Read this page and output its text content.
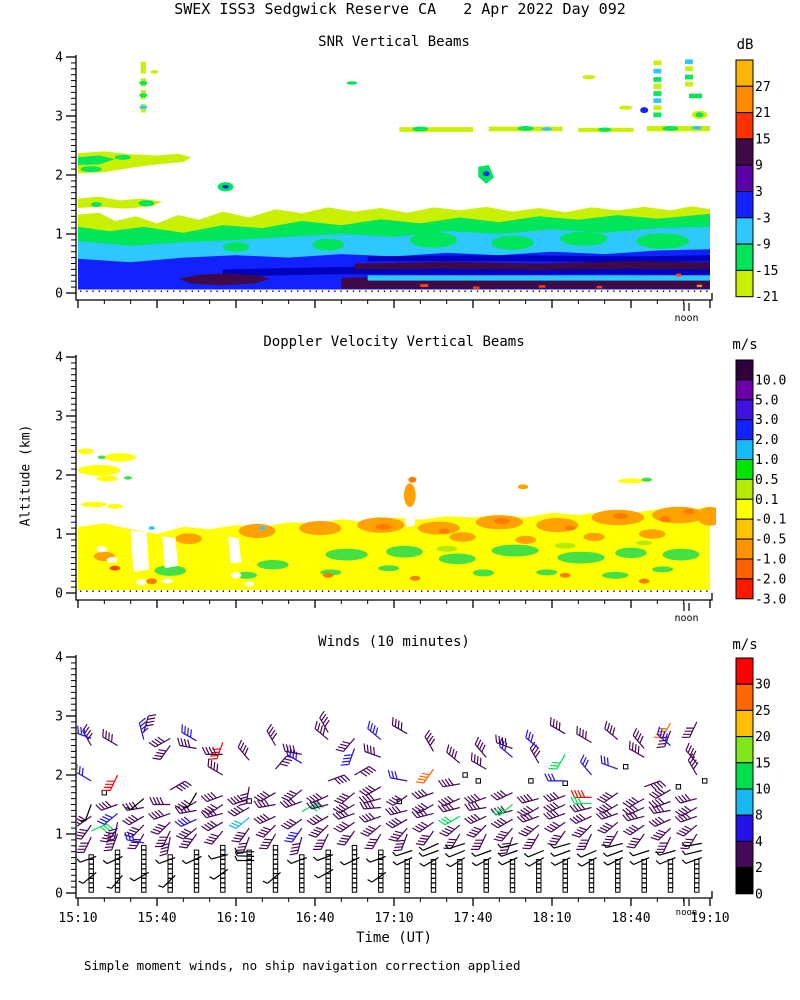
0
1
2
3
4
noon
0
1
2
3
4
noon
0
1
2
3
4
noon
15:10	15:40	16:10	16:40	17:10	17:40	18:10	18:40	19:10
27
21
15
9
3
-3
-9
-15
-21
10.0
5.0
3.0
2.0
1.0
0.5
0.1
-0.1
-0.5
-1.0
-2.0
-3.0
30
25
20
15
10
8
4
2
0
SWEX ISS3 Sedgwick Reserve CA   2 Apr 2022 Day 092
SNR Vertical Beams
Doppler Velocity Vertical Beams
Winds (10 minutes)
dB
m/s
m/s
Altitude (km)
Time (UT)
Simple moment winds, no ship navigation correction applied
